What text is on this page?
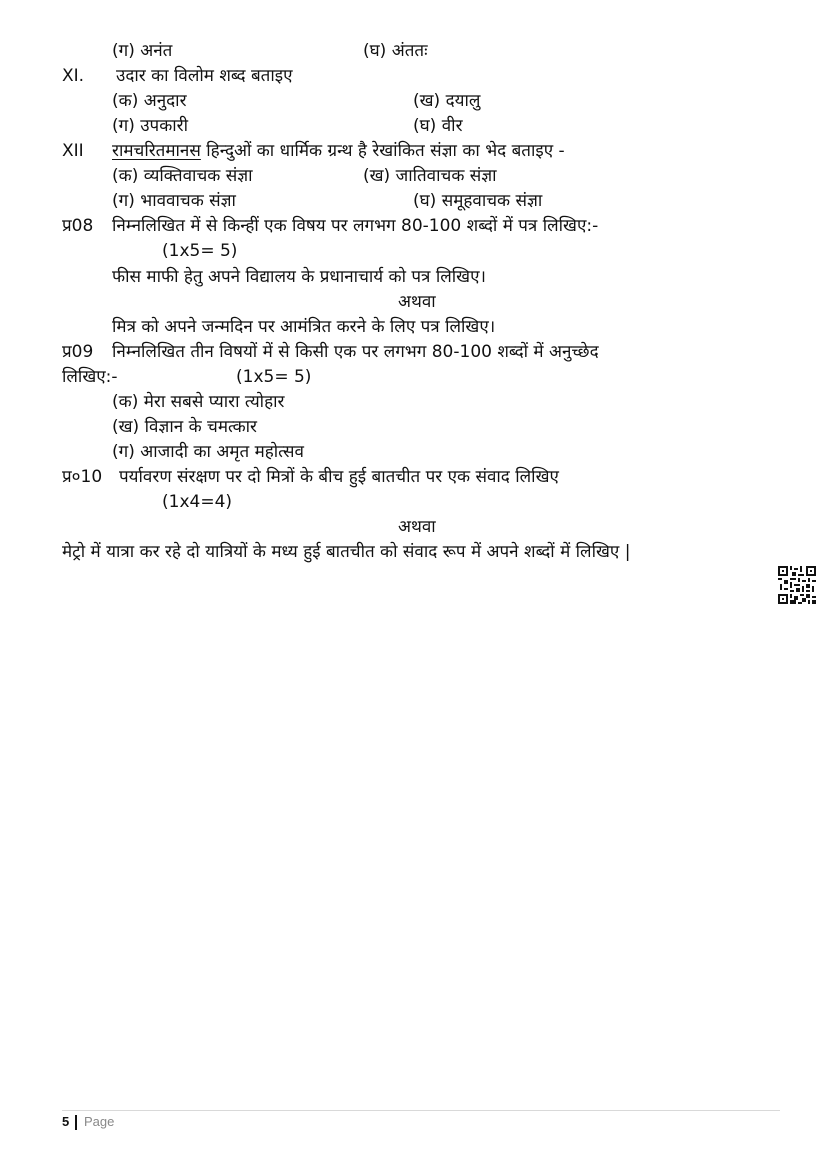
(ग) अनंत	(घ) अंततः
XI. उदार का विलोम शब्द बताइए
(क) अनुदार	(ख) दयालु
(ग) उपकारी	(घ) वीर
XII रामचरितमानस हिन्दुओं का धार्मिक ग्रन्थ है रेखांकित संज्ञा का भेद बताइए -
(क) व्यक्तिवाचक संज्ञा	(ख) जातिवाचक संज्ञा
(ग) भाववाचक संज्ञा	(घ) समूहवाचक संज्ञा
प्र08 निम्नलिखित में से किन्हीं एक विषय पर लगभग 80-100 शब्दों में पत्र लिखिए:-
(1x5= 5)
फीस माफी हेतु अपने विद्यालय के प्रधानाचार्य को पत्र लिखिए।
अथवा
मित्र को अपने जन्मदिन पर आमंत्रित करने के लिए पत्र लिखिए।
प्र09 निम्नलिखित तीन विषयों में से किसी एक पर लगभग 80-100 शब्दों में अनुच्छेद
लिखिए:-	(1x5= 5)
(क) मेरा सबसे प्यारा त्योहार
(ख) विज्ञान के चमत्कार
(ग) आजादी का अमृत महोत्सव
प्र०10 पर्यावरण संरक्षण पर दो मित्रों के बीच हुई बातचीत पर एक संवाद लिखिए
(1x4=4)
अथवा
मेट्रो में यात्रा कर रहे दो यात्रियों के मध्य हुई बातचीत को संवाद रूप में अपने शब्दों में लिखिए |
5 Page
